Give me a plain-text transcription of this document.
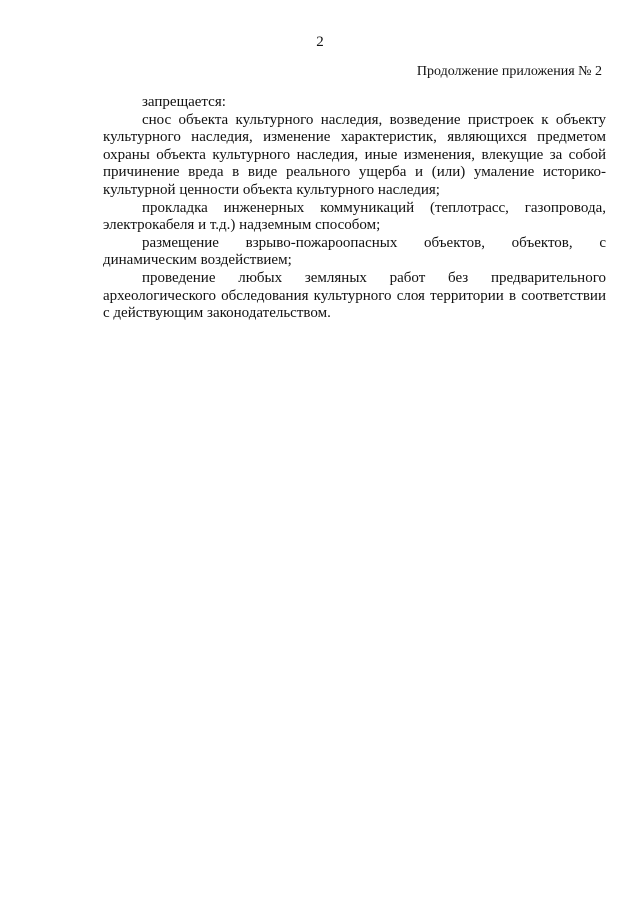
2
Продолжение приложения № 2

запрещается:

снос объекта культурного наследия, возведение пристроек к объекту культурного наследия, изменение характеристик, являющихся предметом охраны объекта культурного наследия, иные изменения, влекущие за собой причинение вреда в виде реального ущерба и (или) умаление историко-культурной ценности объекта культурного наследия;

прокладка инженерных коммуникаций (теплотрасс, газопровода,

электрокабеля и т.д.) надземным способом;

размещение взрыво-пожароопасных объектов, объектов, с

динамическим воздействием;

проведение любых земляных работ без предварительного

археологического обследования культурного слоя территории в соответствии с действующим законодательством.
